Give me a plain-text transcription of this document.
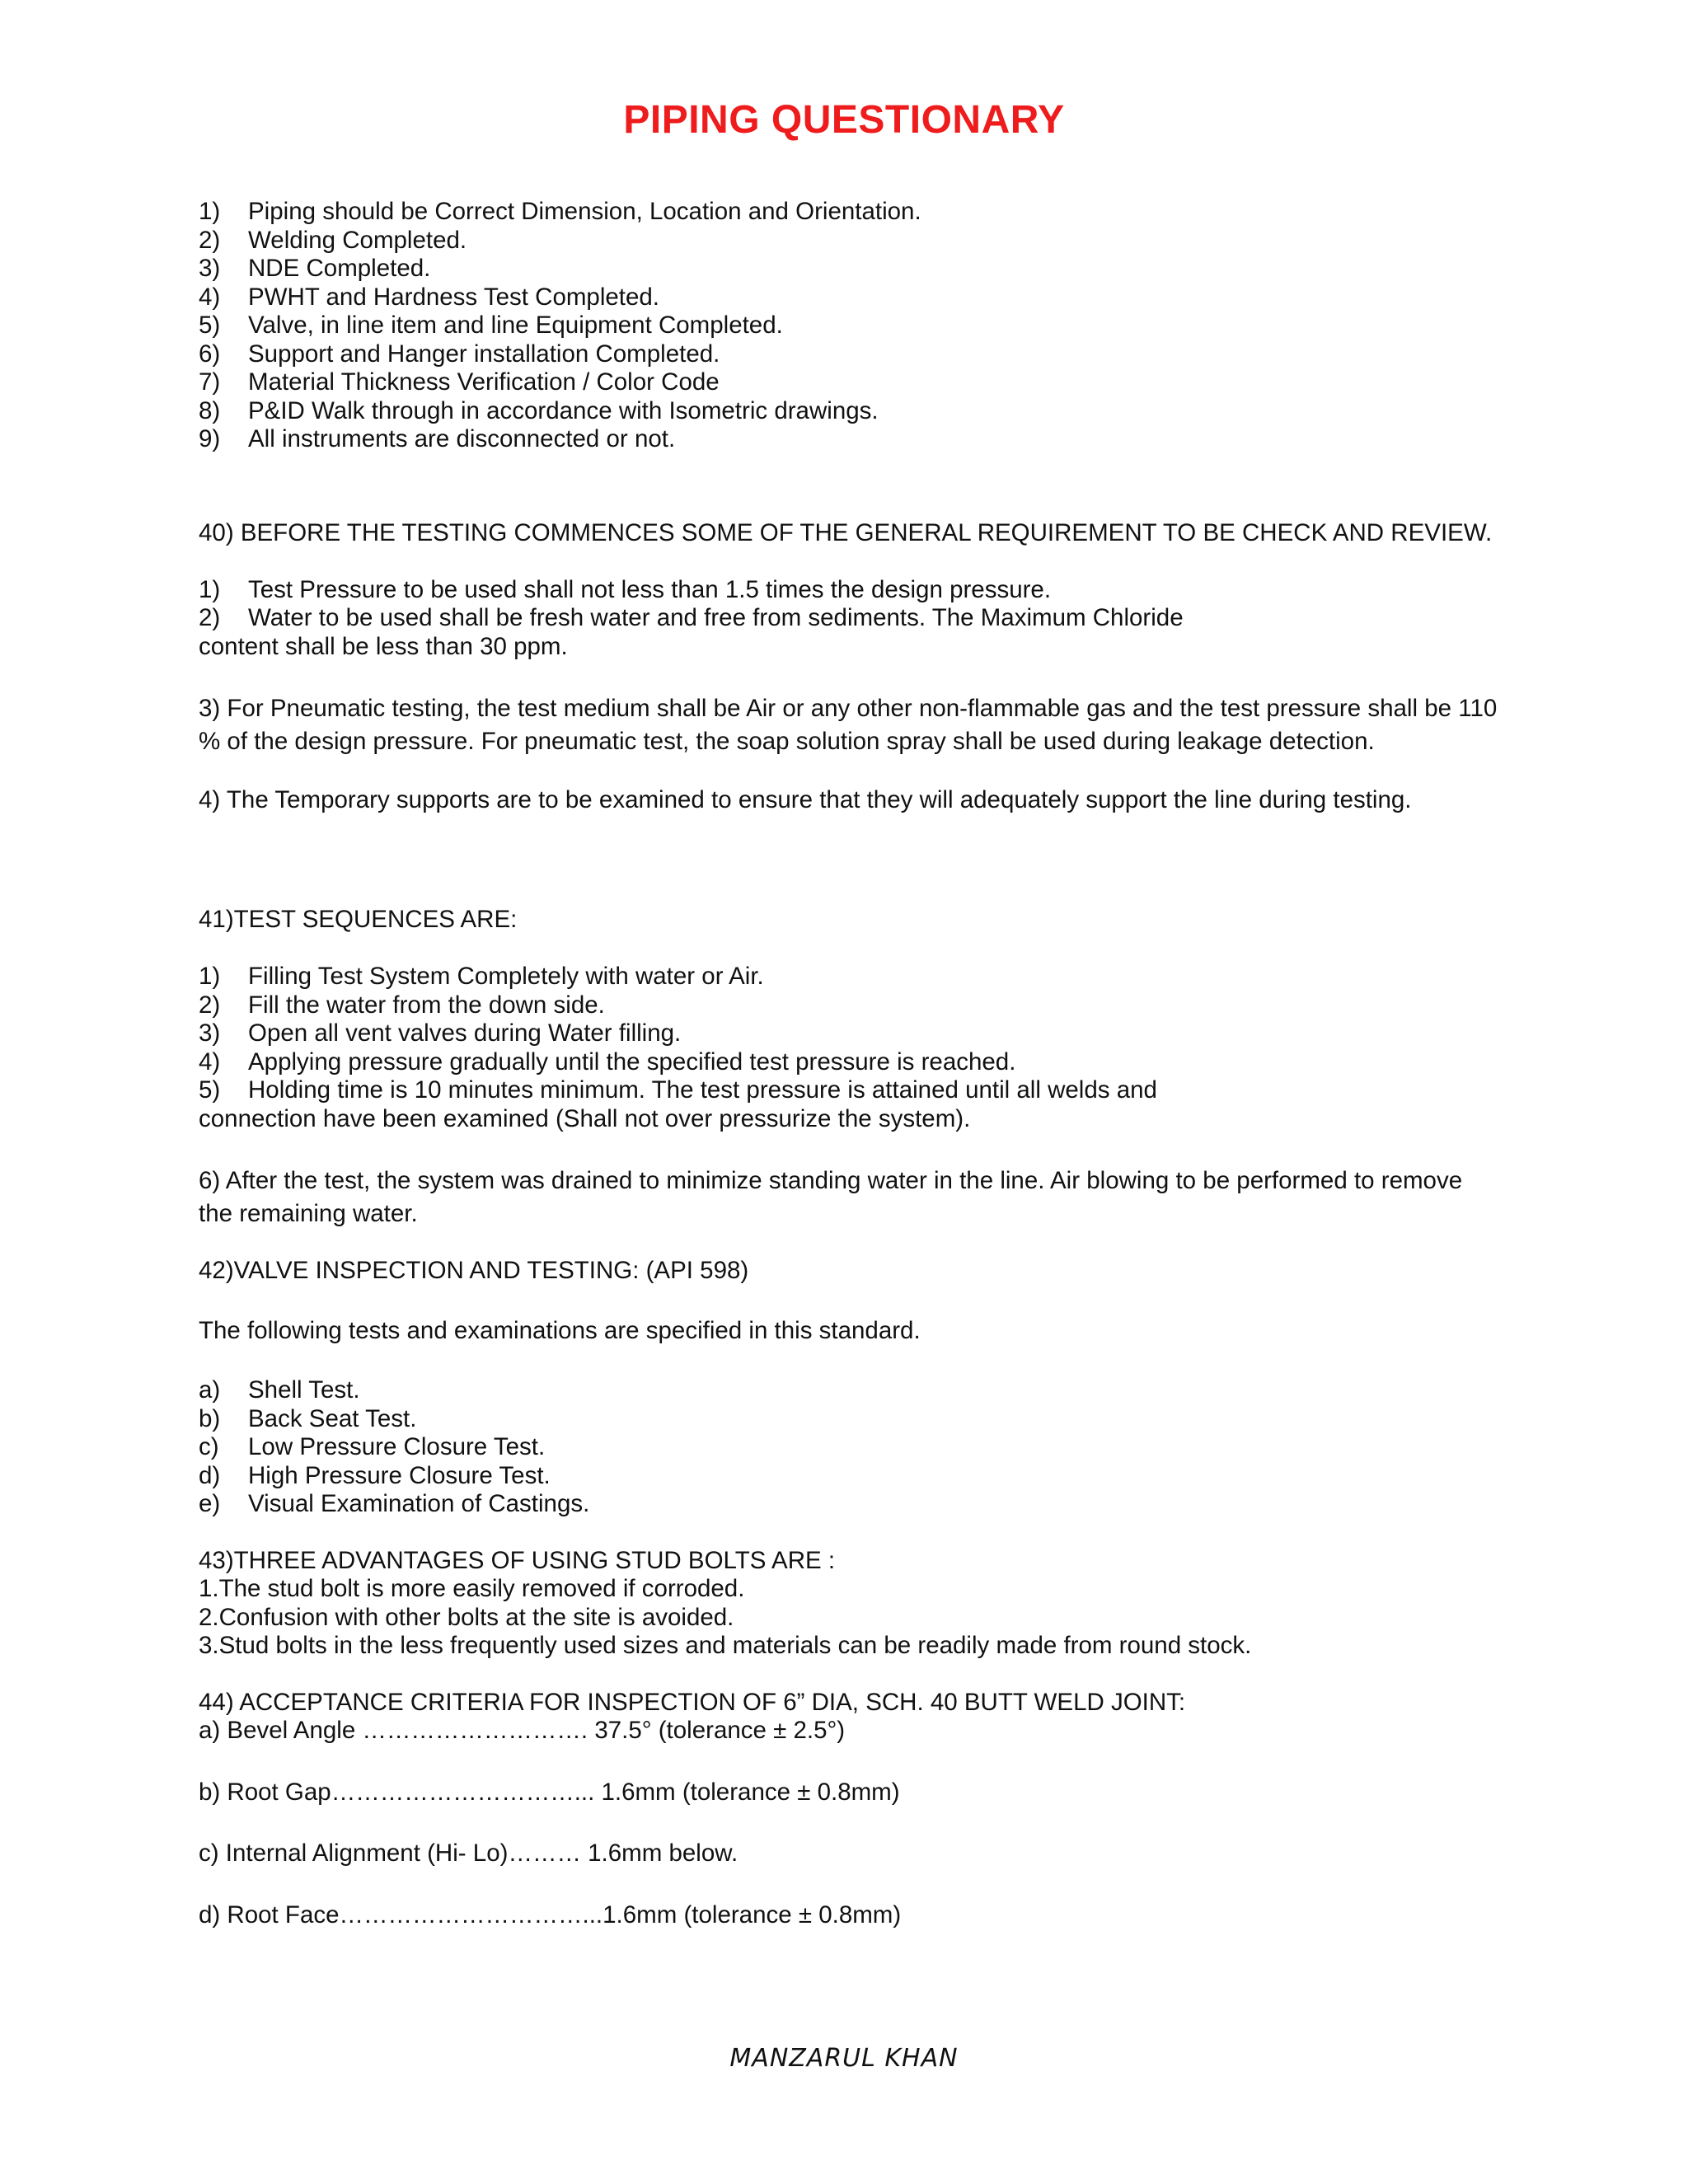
PIPING QUESTIONARY
1)	Piping should be Correct Dimension, Location and Orientation.
2)	Welding Completed.
3)	NDE Completed.
4)	PWHT and Hardness Test Completed.
5)	Valve, in line item and line Equipment Completed.
6)	Support and Hanger installation Completed.
7)	Material Thickness Verification / Color Code
8)	P&ID Walk through in accordance with Isometric drawings.
9)	All instruments are disconnected or not.

40) BEFORE THE TESTING COMMENCES SOME OF THE GENERAL REQUIREMENT TO BE CHECK AND REVIEW.

1)	Test Pressure to be used shall not less than 1.5 times the design pressure.
2)	Water to be used shall be fresh water and free from sediments. The Maximum Chloride

content shall be less than 30 ppm.

3) For Pneumatic testing, the test medium shall be Air or any other non-flammable gas and the test pressure shall be 110 % of the design pressure. For pneumatic test, the soap solution spray shall be used during leakage detection.

4) The Temporary supports are to be examined to ensure that they will adequately support the line during testing.

41)TEST SEQUENCES ARE:

1)	Filling Test System Completely with water or Air.
2)	Fill the water from the down side.
3)	Open all vent valves during Water filling.
4)	Applying pressure gradually until the specified test pressure is reached.
5)	Holding time is 10 minutes minimum. The test pressure is attained until all welds and

connection have been examined (Shall not over pressurize the system).

6) After the test, the system was drained to minimize standing water in the line. Air blowing to be performed to remove the remaining water.

42)VALVE INSPECTION AND TESTING: (API 598)

The following tests and examinations are specified in this standard.

a)	Shell Test.
b)	Back Seat Test.
c)	Low Pressure Closure Test.
d)	High Pressure Closure Test.
e)	Visual Examination of Castings.

43)THREE ADVANTAGES OF USING STUD BOLTS ARE :

1.The stud bolt is more easily removed if corroded.

2.Confusion with other bolts at the site is avoided.

3.Stud bolts in the less frequently used sizes and materials can be readily made from round stock.

44) ACCEPTANCE CRITERIA FOR INSPECTION OF 6” DIA, SCH. 40 BUTT WELD JOINT:

a) Bevel Angle ………………………. 37.5° (tolerance ± 2.5°)

b) Root Gap…………………………... 1.6mm (tolerance ± 0.8mm)

c) Internal Alignment (Hi- Lo)……… 1.6mm below.

d) Root Face…………………………...1.6mm (tolerance ± 0.8mm)

MANZARUL KHAN
